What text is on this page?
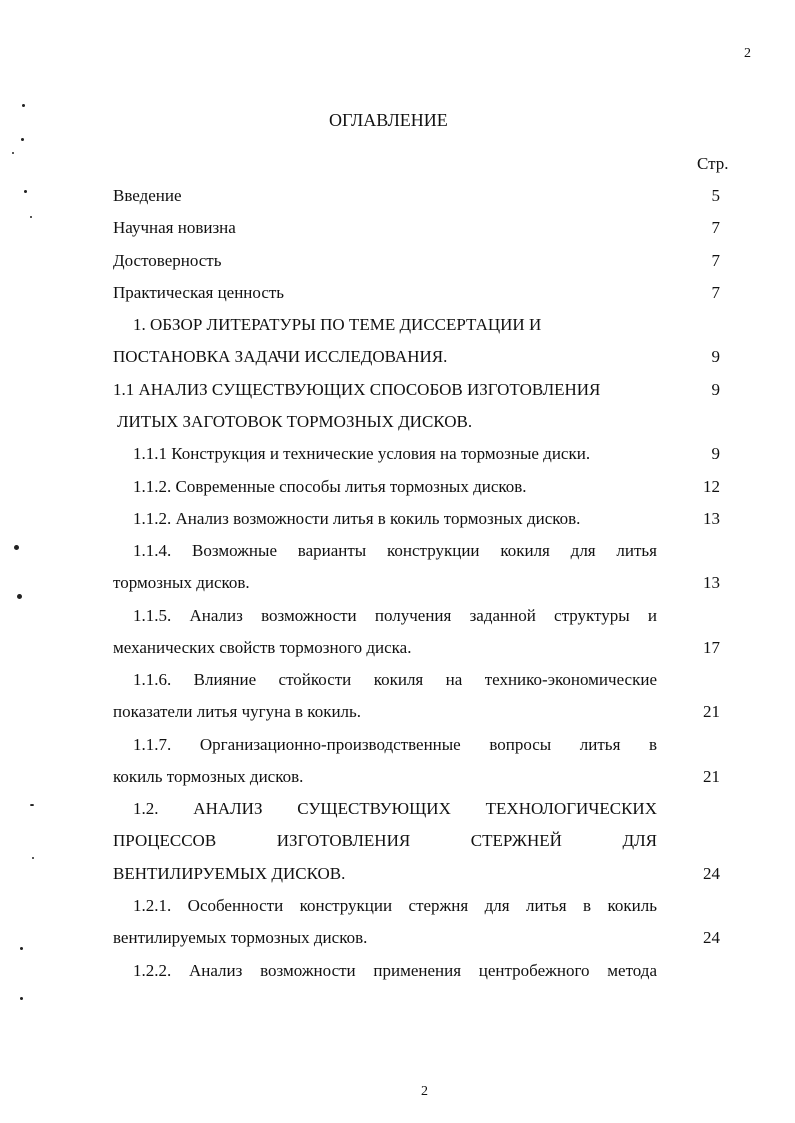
2
2
ОГЛАВЛЕНИЕ
Стр.
Введение	5
Научная новизна	7
Достоверность	7
Практическая ценность	7
1. ОБЗОР ЛИТЕРАТУРЫ ПО ТЕМЕ ДИССЕРТАЦИИ И
ПОСТАНОВКА ЗАДАЧИ ИССЛЕДОВАНИЯ.	9
1.1 АНАЛИЗ СУЩЕСТВУЮЩИХ СПОСОБОВ ИЗГОТОВЛЕНИЯ	9
ЛИТЫХ ЗАГОТОВОК ТОРМОЗНЫХ ДИСКОВ.
1.1.1 Конструкция и технические условия на тормозные диски.	9
1.1.2. Современные способы литья тормозных дисков.	12
1.1.2. Анализ возможности литья в кокиль тормозных дисков.	13
1.1.4. Возможные варианты конструкции кокиля для литья
тормозных дисков.	13
1.1.5. Анализ возможности получения заданной структуры и
механических свойств тормозного диска.	17
1.1.6. Влияние стойкости кокиля на технико-экономические
показатели литья чугуна в кокиль.	21
1.1.7. Организационно-производственные вопросы литья в
кокиль тормозных дисков.	21
1.2. АНАЛИЗ СУЩЕСТВУЮЩИХ ТЕХНОЛОГИЧЕСКИХ
ПРОЦЕССОВ ИЗГОТОВЛЕНИЯ СТЕРЖНЕЙ ДЛЯ
ВЕНТИЛИРУЕМЫХ ДИСКОВ.	24
1.2.1. Особенности конструкции стержня для литья в кокиль
вентилируемых тормозных дисков.	24
1.2.2. Анализ возможности применения центробежного метода
